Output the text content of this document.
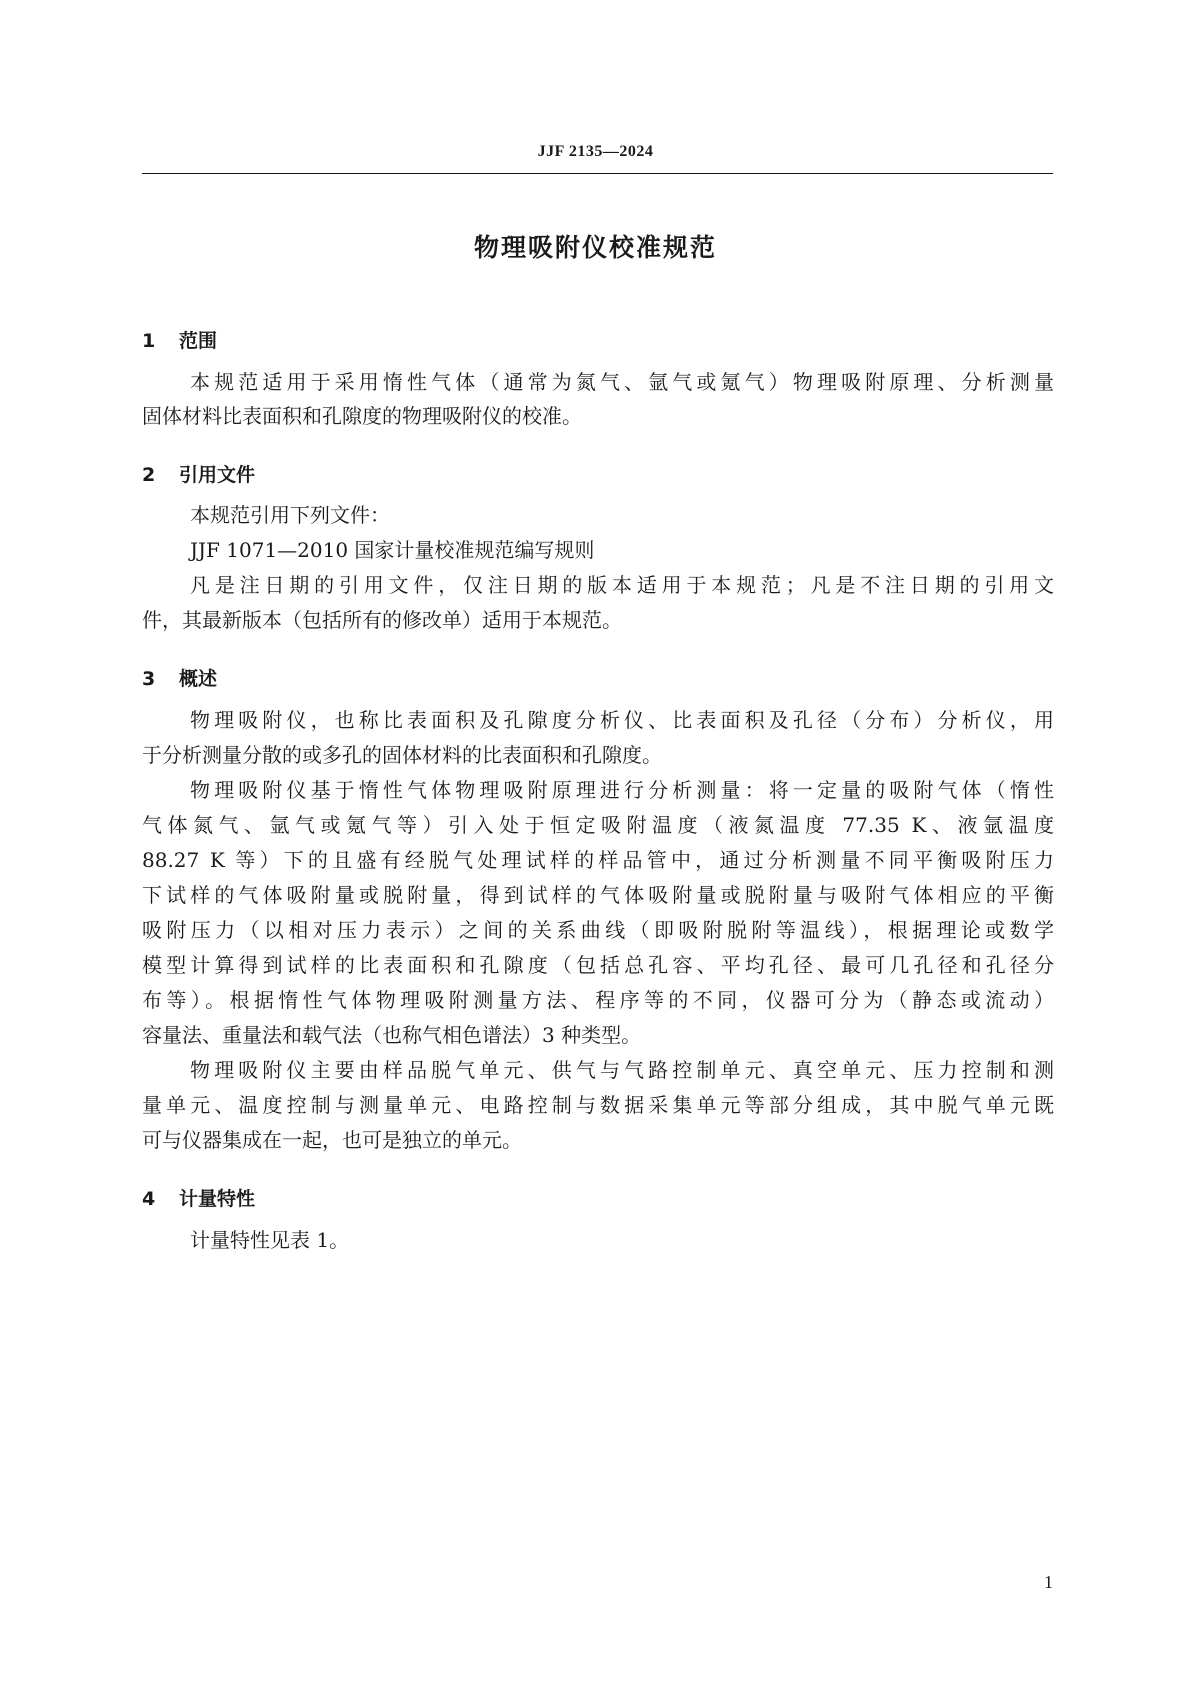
JJF 2135—2024
物理吸附仪校准规范
1 范围
本规范适用于采用惰性气体（通常为氮气、氩气或氪气）物理吸附原理、分析测量
固体材料比表面积和孔隙度的物理吸附仪的校准。
2 引用文件
本规范引用下列文件：
JJF 1071—2010 国家计量校准规范编写规则
凡是注日期的引用文件，仅注日期的版本适用于本规范；凡是不注日期的引用文
件，其最新版本（包括所有的修改单）适用于本规范。
3 概述
物理吸附仪，也称比表面积及孔隙度分析仪、比表面积及孔径（分布）分析仪，用
于分析测量分散的或多孔的固体材料的比表面积和孔隙度。
物理吸附仪基于惰性气体物理吸附原理进行分析测量：将一定量的吸附气体（惰性
气体氮气、氩气或氪气等）引入处于恒定吸附温度（液氮温度 77.35 K、液氩温度
88.27 K 等）下的且盛有经脱气处理试样的样品管中，通过分析测量不同平衡吸附压力
下试样的气体吸附量或脱附量，得到试样的气体吸附量或脱附量与吸附气体相应的平衡
吸附压力（以相对压力表示）之间的关系曲线（即吸附脱附等温线），根据理论或数学
模型计算得到试样的比表面积和孔隙度（包括总孔容、平均孔径、最可几孔径和孔径分
布等）。根据惰性气体物理吸附测量方法、程序等的不同，仪器可分为（静态或流动）
容量法、重量法和载气法（也称气相色谱法）3 种类型。
物理吸附仪主要由样品脱气单元、供气与气路控制单元、真空单元、压力控制和测
量单元、温度控制与测量单元、电路控制与数据采集单元等部分组成，其中脱气单元既
可与仪器集成在一起，也可是独立的单元。
4 计量特性
计量特性见表 1。
1
